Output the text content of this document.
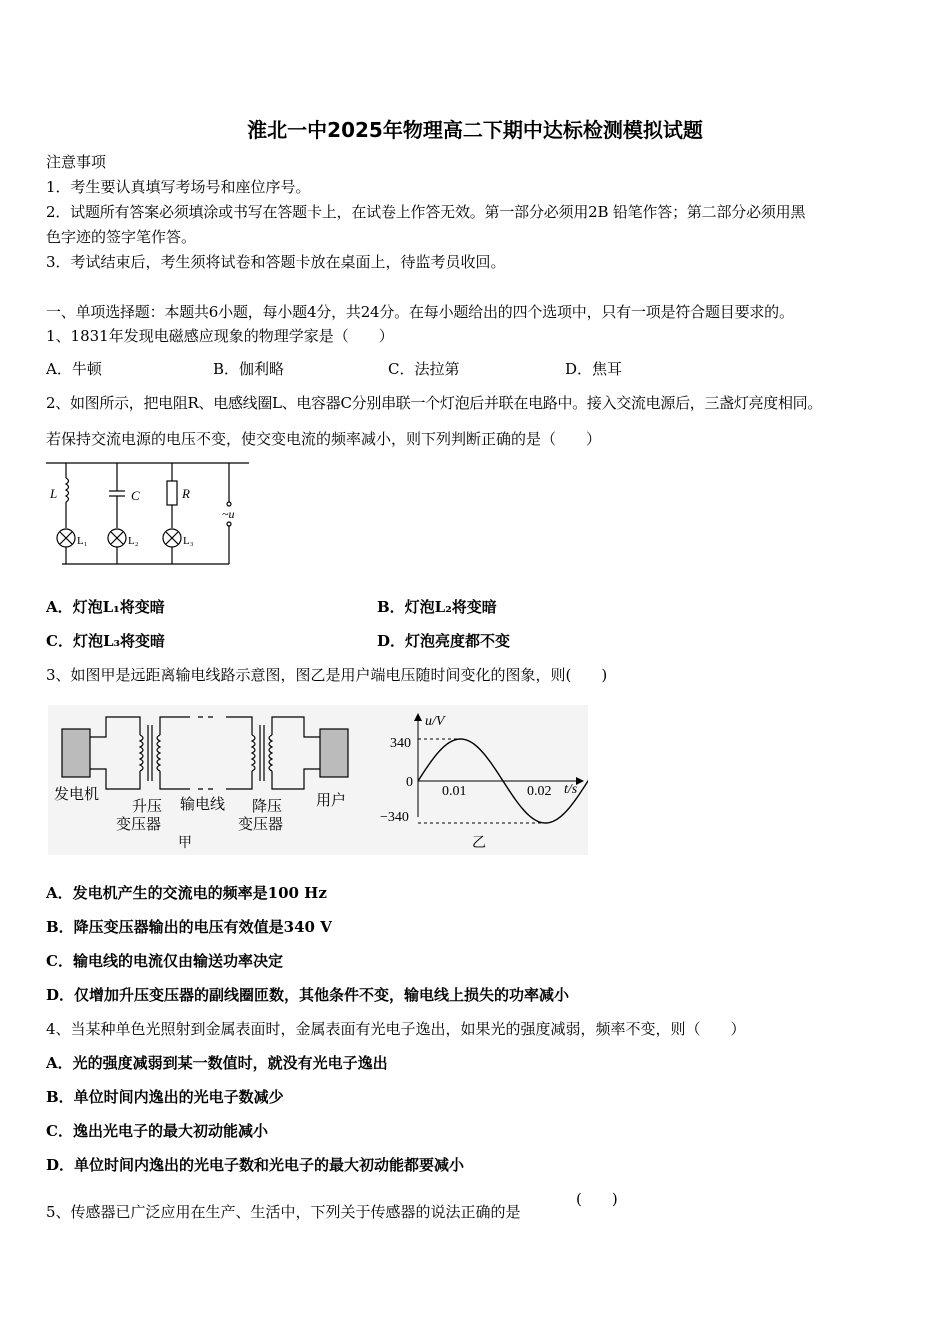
淮北一中2025年物理高二下期中达标检测模拟试题
注意事项
1．考生要认真填写考场号和座位序号。
2．试题所有答案必须填涂或书写在答题卡上，在试卷上作答无效。第一部分必须用2B 铅笔作答；第二部分必须用黑
色字迹的签字笔作答。
3．考试结束后，考生须将试卷和答题卡放在桌面上，待监考员收回。
一、单项选择题：本题共6小题，每小题4分，共24分。在每小题给出的四个选项中，只有一项是符合题目要求的。
1、1831年发现电磁感应现象的物理学家是（　　）
A．牛顿	B．伽利略	C．法拉第	D．焦耳
2、如图所示，把电阻R、电感线圈L、电容器C分别串联一个灯泡后并联在电路中。接入交流电源后，三盏灯亮度相同。
若保持交流电源的电压不变，使交变电流的频率减小，则下列判断正确的是（　　）
L	C	R
~u
L₁	L₂	L₃
A．灯泡L₁将变暗	B．灯泡L₂将变暗
C．灯泡L₃将变暗	D．灯泡亮度都不变
3、如图甲是远距离输电线路示意图，图乙是用户端电压随时间变化的图象，则(　　)
发电机
升压
变压器
输电线 降压
变压器
用户
甲
u/V
t/s
340
0
−340
0.01	0.02
乙
A．发电机产生的交流电的频率是100 Hz
B．降压变压器输出的电压有效值是340 V
C．输电线的电流仅由输送功率决定
D．仅增加升压变压器的副线圈匝数，其他条件不变，输电线上损失的功率减小
4、当某种单色光照射到金属表面时，金属表面有光电子逸出，如果光的强度减弱，频率不变，则（　　）
A．光的强度减弱到某一数值时，就没有光电子逸出
B．单位时间内逸出的光电子数减少
C．逸出光电子的最大初动能减小
D．单位时间内逸出的光电子数和光电子的最大初动能都要减小
5、传感器已广泛应用在生产、生活中，下列关于传感器的说法正确的是
(　　)
